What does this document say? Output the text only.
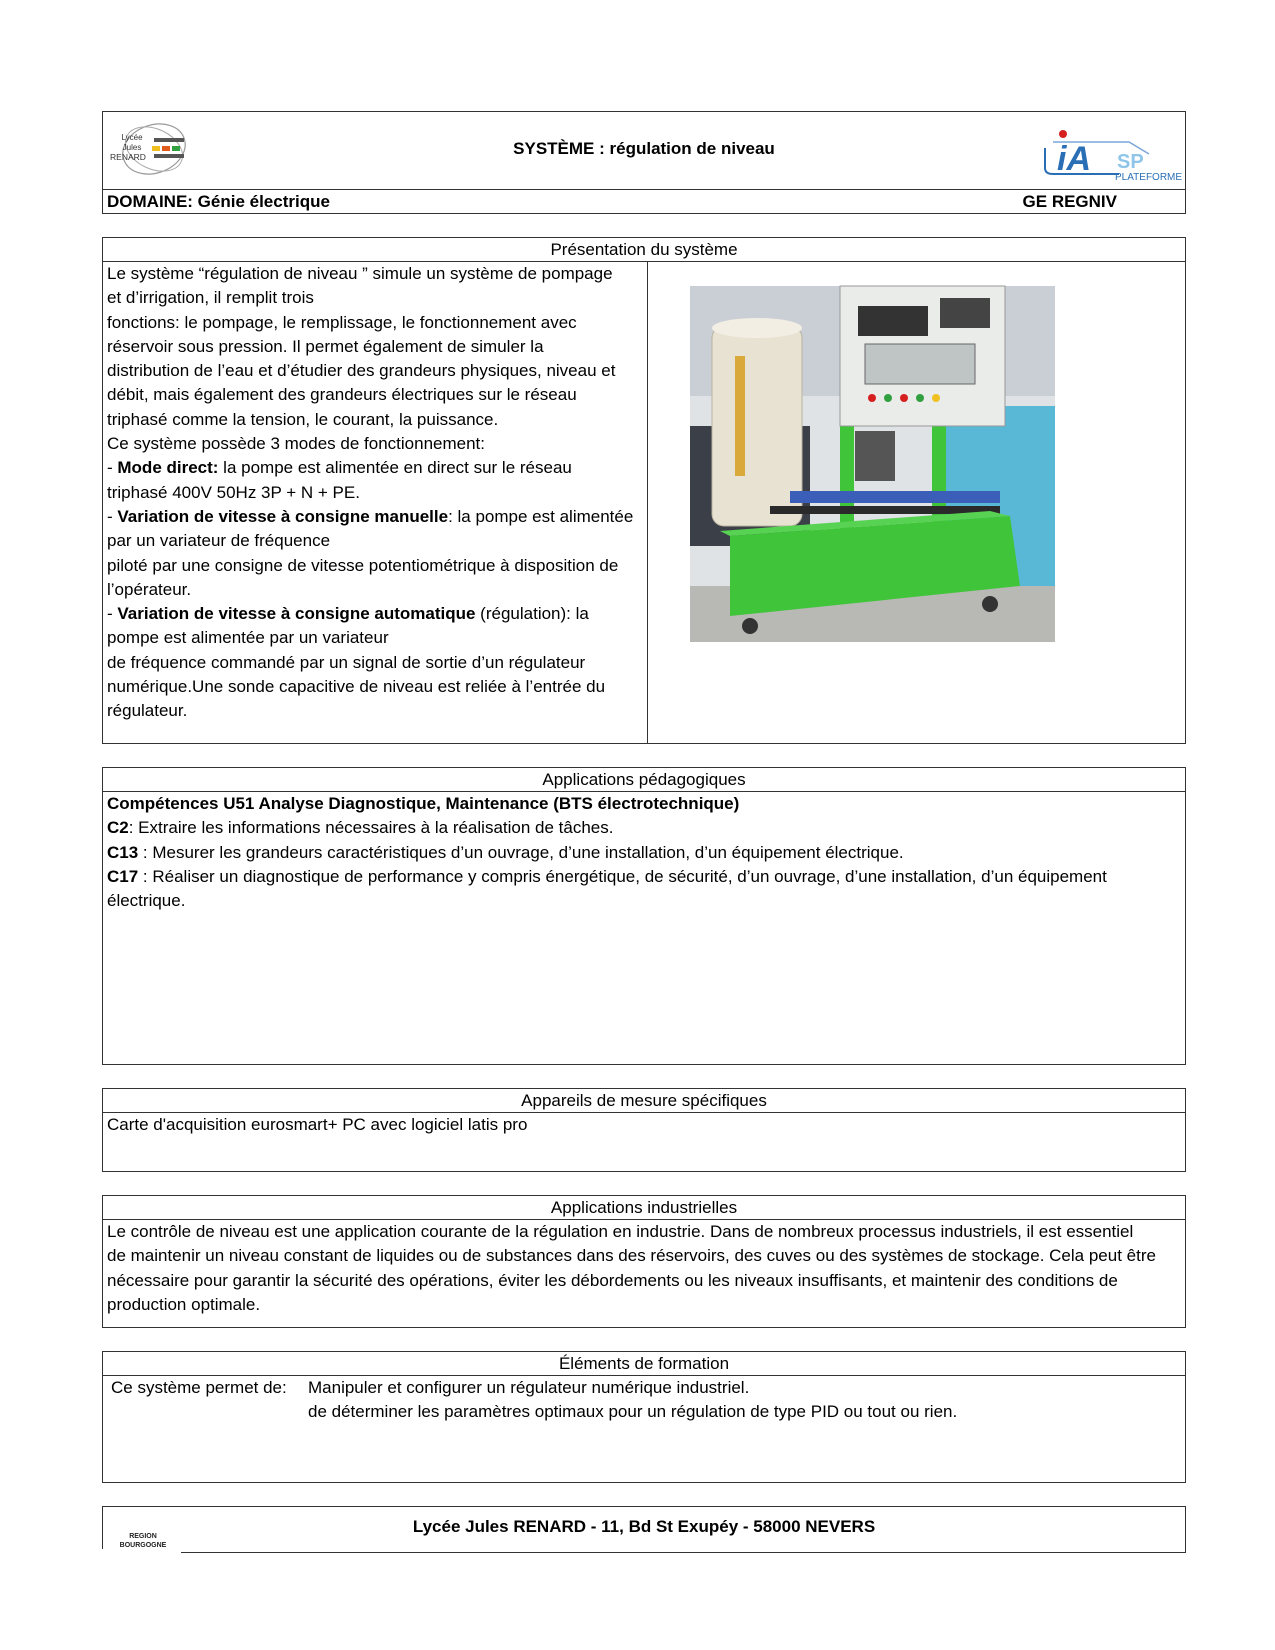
Lycée
Jules
RENARD	SYSTÈME : régulation de niveau	iA SP
PLATEFORME
DOMAINE: Génie électrique	GE REGNIV
Présentation du système
Le système “régulation de niveau ” simule un système de pompage
et d’irrigation, il remplit trois
fonctions: le pompage, le remplissage, le fonctionnement avec
réservoir sous pression. Il permet également de simuler la
distribution de l’eau et d’étudier des grandeurs physiques, niveau et
débit, mais également des grandeurs électriques sur le réseau
triphasé comme la tension, le courant, la puissance.
Ce système possède 3 modes de fonctionnement:
- Mode direct: la pompe est alimentée en direct sur le réseau
triphasé 400V 50Hz 3P + N + PE.
- Variation de vitesse à consigne manuelle: la pompe est alimentée
par un variateur de fréquence
piloté par une consigne de vitesse potentiométrique à disposition de
l’opérateur.
- Variation de vitesse à consigne automatique (régulation): la
pompe est alimentée par un variateur
de fréquence commandé par un signal de sortie d’un régulateur
numérique.Une sonde capacitive de niveau est reliée à l’entrée du
régulateur.
Applications pédagogiques
Compétences U51 Analyse Diagnostique, Maintenance (BTS électrotechnique)
C2: Extraire les informations nécessaires à la réalisation de tâches.
C13 : Mesurer les grandeurs caractéristiques d’un ouvrage, d’une installation, d’un équipement électrique.
C17 : Réaliser un diagnostique de performance y compris énergétique, de sécurité, d’un ouvrage, d’une installation, d’un équipement
électrique.
Appareils de mesure spécifiques
Carte d'acquisition eurosmart+ PC avec logiciel latis pro
Applications industrielles
Le contrôle de niveau est une application courante de la régulation en industrie. Dans de nombreux processus industriels, il est essentiel
de maintenir un niveau constant de liquides ou de substances dans des réservoirs, des cuves ou des systèmes de stockage. Cela peut être
nécessaire pour garantir la sécurité des opérations, éviter les débordements ou les niveaux insuffisants, et maintenir des conditions de
production optimale.
Éléments de formation
Ce système permet de: Manipuler et configurer un régulateur numérique industriel.
de déterminer les paramètres optimaux pour un régulation de type PID ou tout ou rien.
REGION
BOURGOGNE
Lycée Jules RENARD - 11, Bd St Exupéy - 58000 NEVERS
